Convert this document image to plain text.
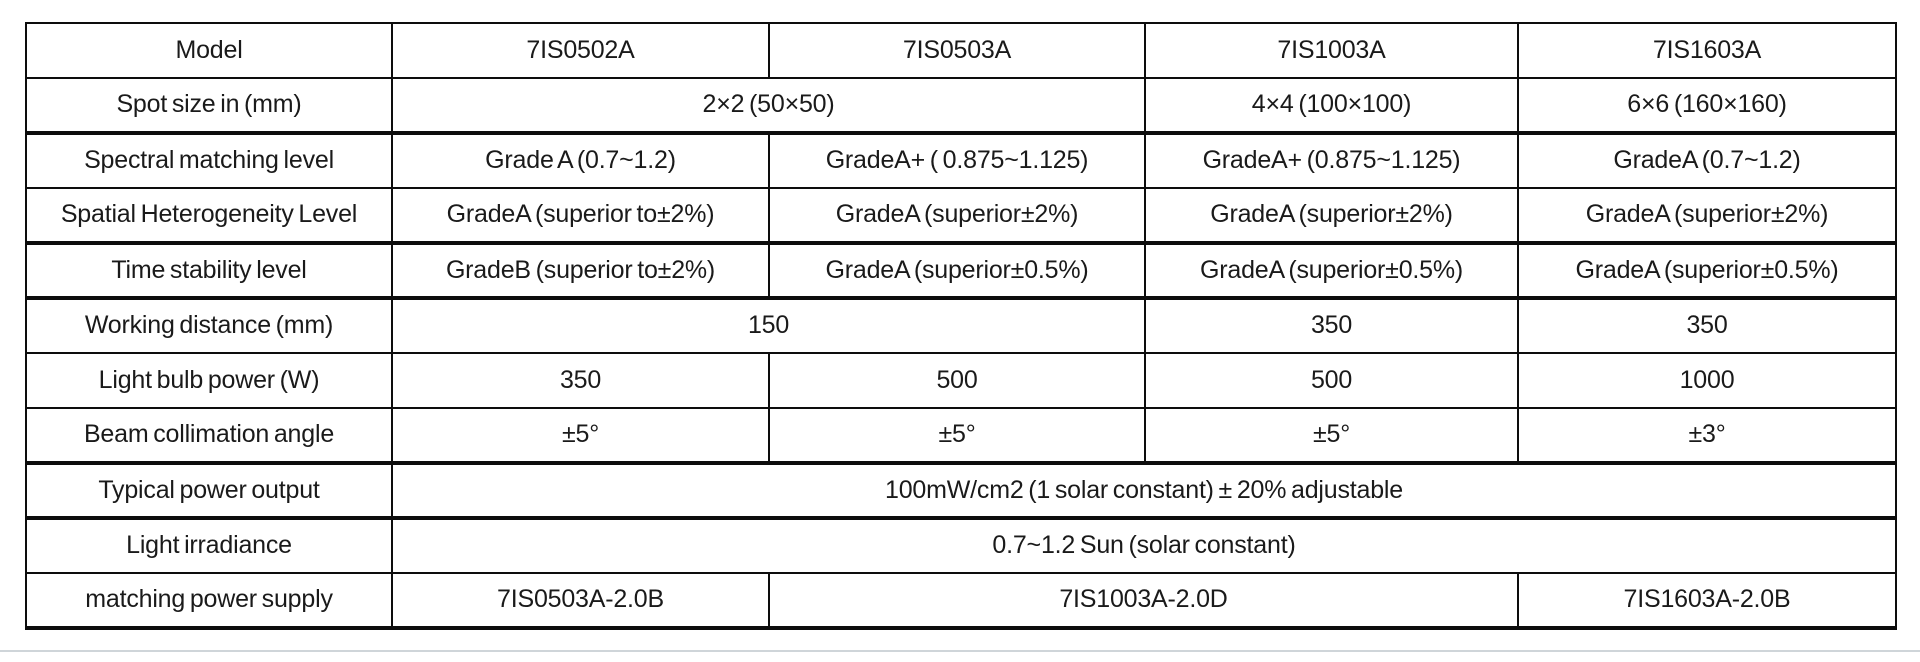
Model	7IS0502A	7IS0503A	7IS1003A	7IS1603A
Spot size in (mm)	2×2 (50×50)		4×4 (100×100)	6×6 (160×160)
Spectral matching level	Grade A (0.7~1.2)	GradeA+ ( 0.875~1.125)	GradeA+ (0.875~1.125)	GradeA (0.7~1.2)
Spatial Heterogeneity Level	GradeA (superior to±2%)	GradeA (superior±2%)	GradeA (superior±2%)	GradeA (superior±2%)
Time stability level	GradeB (superior to±2%)	GradeA (superior±0.5%)	GradeA (superior±0.5%)	GradeA (superior±0.5%)
Working distance (mm)	150		350	350
Light bulb power (W)	350	500	500	1000
Beam collimation angle	±5°	±5°	±5°	±3°
Typical power output	100mW/cm2 (1 solar constant) ± 20% adjustable			
Light irradiance	0.7~1.2 Sun (solar constant)			
matching power supply	7IS0503A-2.0B	7IS1003A-2.0D		7IS1603A-2.0B
